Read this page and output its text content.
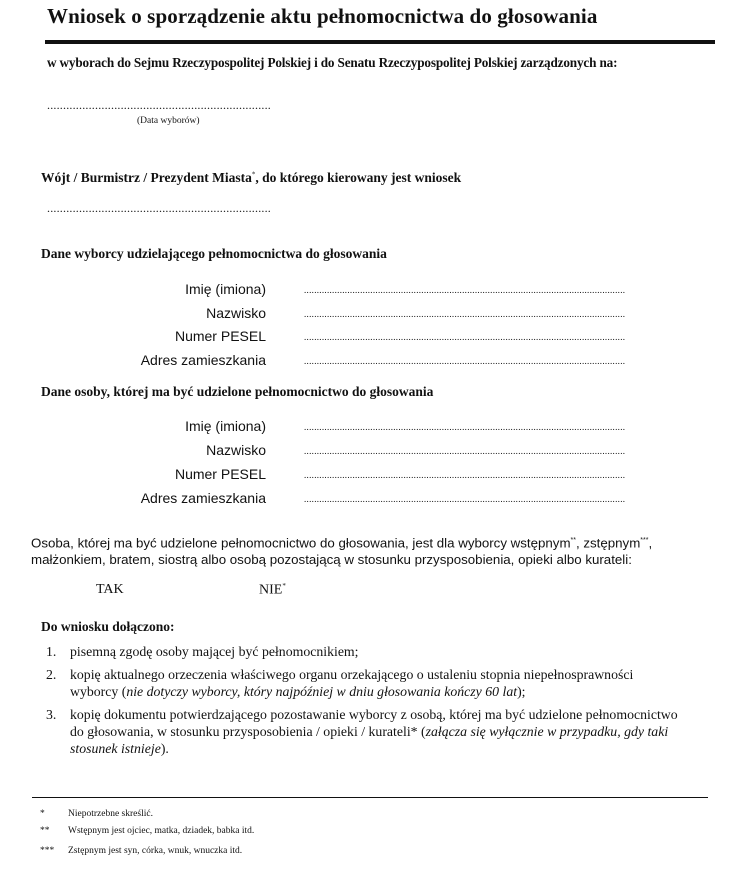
Wniosek o sporządzenie aktu pełnomocnictwa do głosowania
w wyborach do Sejmu Rzeczypospolitej Polskiej i do Senatu Rzeczypospolitej Polskiej zarządzonych na:
......................................................................
(Data wyborów)
Wójt / Burmistrz / Prezydent Miasta*, do którego kierowany jest wniosek
......................................................................
Dane wyborcy udzielającego pełnomocnictwa do głosowania
Imię (imiona)	..............................................................................................................................
Nazwisko	..............................................................................................................................
Numer PESEL	..............................................................................................................................
Adres zamieszkania	..............................................................................................................................
Dane osoby, której ma być udzielone pełnomocnictwo do głosowania
Imię (imiona)	..............................................................................................................................
Nazwisko	..............................................................................................................................
Numer PESEL	..............................................................................................................................
Adres zamieszkania	..............................................................................................................................
Osoba, której ma być udzielone pełnomocnictwo do głosowania, jest dla wyborcy wstępnym**, zstępnym***,
małżonkiem, bratem, siostrą albo osobą pozostającą w stosunku przysposobienia, opieki albo kurateli:
TAK	NIE*
Do wniosku dołączono:
1. pisemną zgodę osoby mającej być pełnomocnikiem;
2. kopię aktualnego orzeczenia właściwego organu orzekającego o ustaleniu stopnia niepełnosprawności
wyborcy (nie dotyczy wyborcy, który najpóźniej w dniu głosowania kończy 60 lat);
3. kopię dokumentu potwierdzającego pozostawanie wyborcy z osobą, której ma być udzielone pełnomocnictwo
do głosowania, w stosunku przysposobienia / opieki / kurateli* (załącza się wyłącznie w przypadku, gdy taki
stosunek istnieje).
* Niepotrzebne skreślić.
** Wstępnym jest ojciec, matka, dziadek, babka itd.
*** Zstępnym jest syn, córka, wnuk, wnuczka itd.
